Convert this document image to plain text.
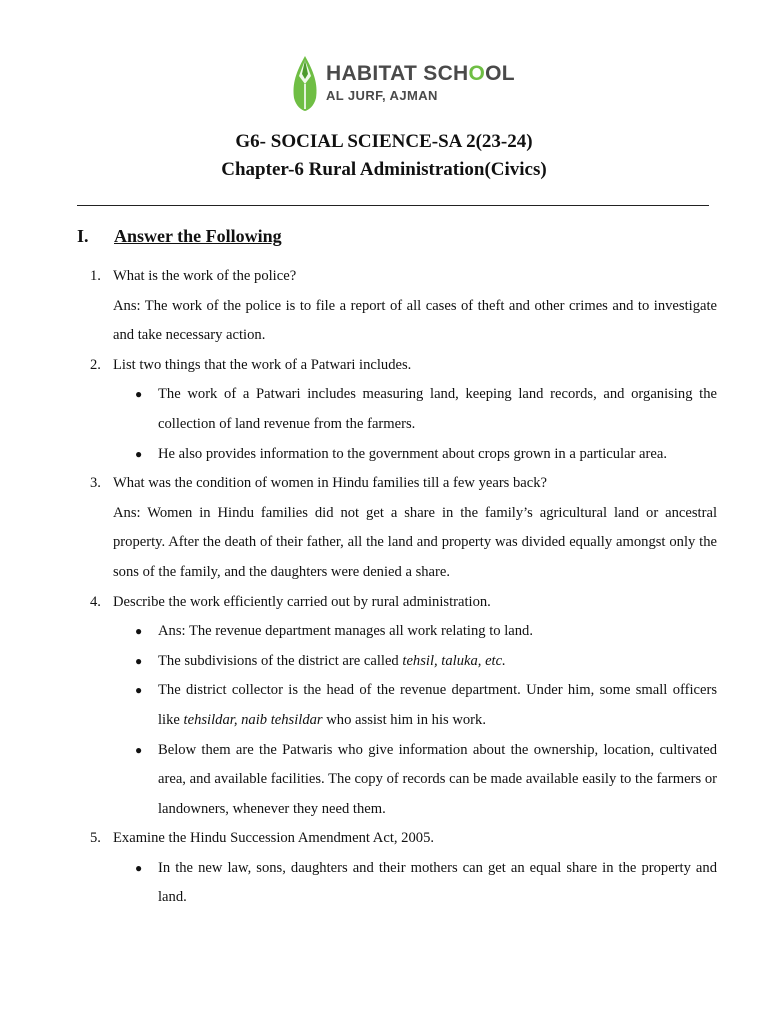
HABITAT SCHOOL
AL JURF, AJMAN
G6- SOCIAL SCIENCE-SA 2(23-24)
Chapter-6 Rural Administration(Civics)
I.	Answer the Following
1. What is the work of the police?
Ans: The work of the police is to file a report of all cases of theft and other crimes and to investigate and take necessary action.
2. List two things that the work of a Patwari includes.
● The work of a Patwari includes measuring land, keeping land records, and organising the collection of land revenue from the farmers.
● He also provides information to the government about crops grown in a particular area.
3. What was the condition of women in Hindu families till a few years back?
Ans: Women in Hindu families did not get a share in the family’s agricultural land or ancestral property. After the death of their father, all the land and property was divided equally amongst only the sons of the family, and the daughters were denied a share.
4. Describe the work efficiently carried out by rural administration.
● Ans: The revenue department manages all work relating to land.
● The subdivisions of the district are called tehsil, taluka, etc.
● The district collector is the head of the revenue department. Under him, some small officers like tehsildar, naib tehsildar who assist him in his work.
● Below them are the Patwaris who give information about the ownership, location, cultivated area, and available facilities. The copy of records can be made available easily to the farmers or landowners, whenever they need them.
5. Examine the Hindu Succession Amendment Act, 2005.
● In the new law, sons, daughters and their mothers can get an equal share in the property and land.
